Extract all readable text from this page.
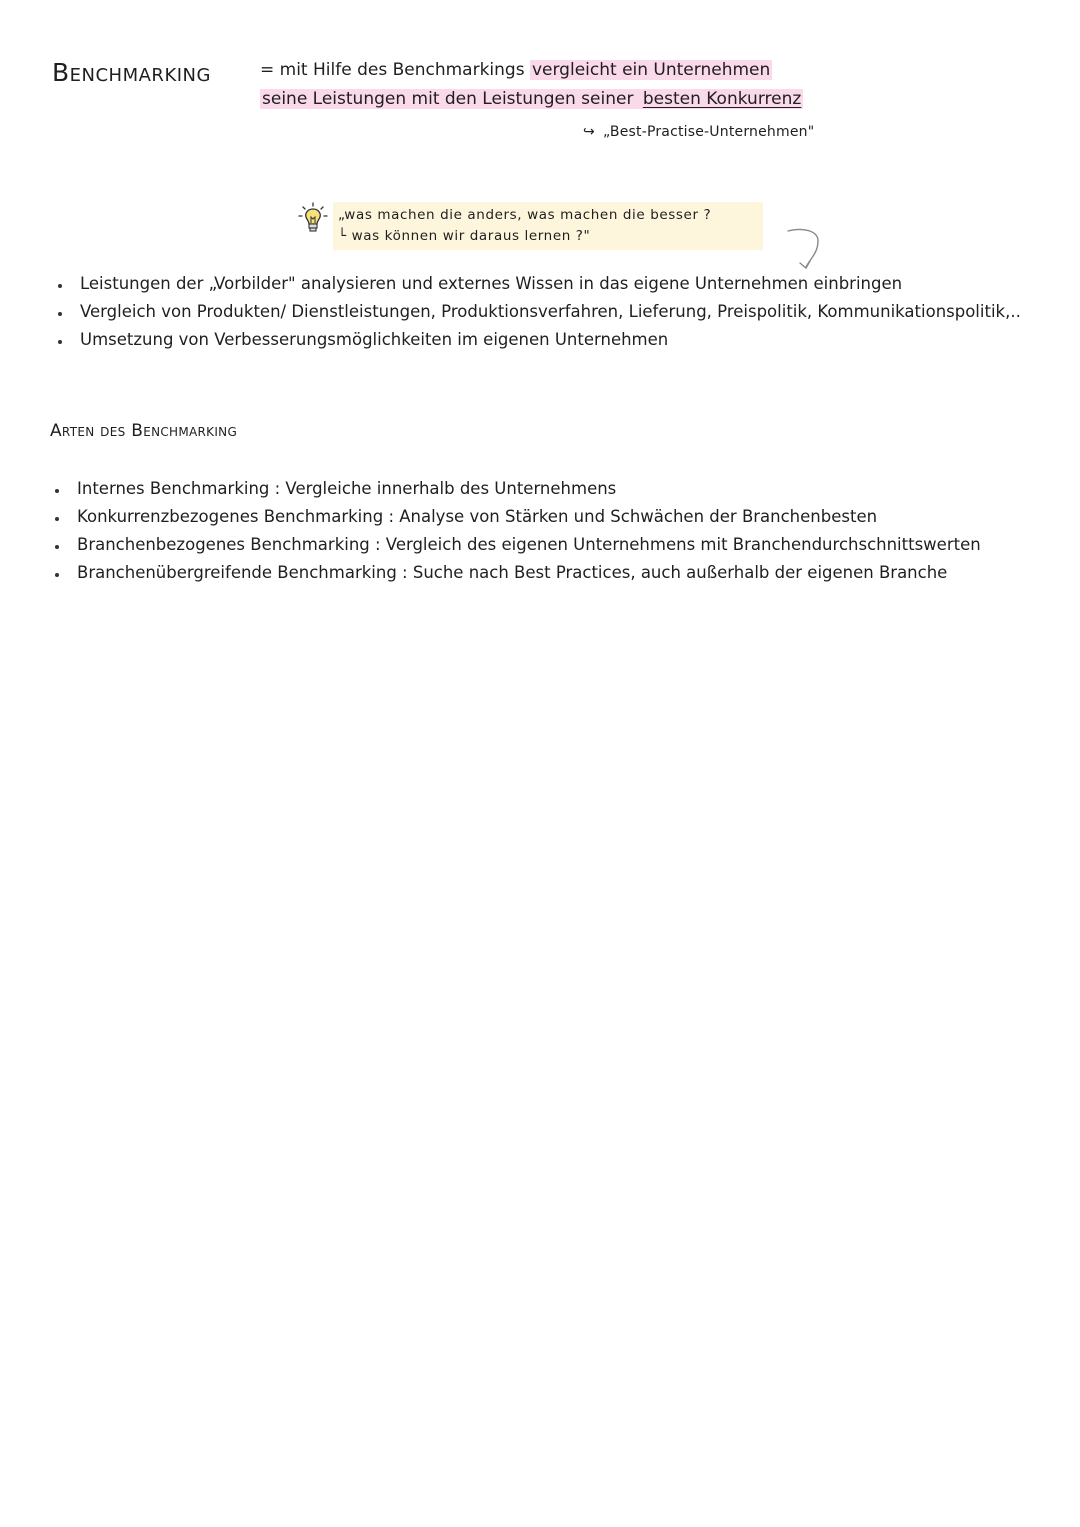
Benchmarking	= mit Hilfe des Benchmarkings vergleicht ein Unternehmen
seine Leistungen mit den Leistungen seiner besten Konkurrenz
↪ „Best-Practise-Unternehmen"
„was machen die anders, was machen die besser ?
└ was können wir daraus lernen ?"
Leistungen der „Vorbilder" analysieren und externes Wissen in das eigene Unternehmen einbringen
Vergleich von Produkten/ Dienstleistungen, Produktionsverfahren, Lieferung, Preispolitik, Kommunikationspolitik,..
Umsetzung von Verbesserungsmöglichkeiten im eigenen Unternehmen
Arten des Benchmarking
Internes Benchmarking : Vergleiche innerhalb des Unternehmens
Konkurrenzbezogenes Benchmarking : Analyse von Stärken und Schwächen der Branchenbesten
Branchenbezogenes Benchmarking : Vergleich des eigenen Unternehmens mit Branchendurchschnittswerten
Branchenübergreifende Benchmarking : Suche nach Best Practices, auch außerhalb der eigenen Branche
